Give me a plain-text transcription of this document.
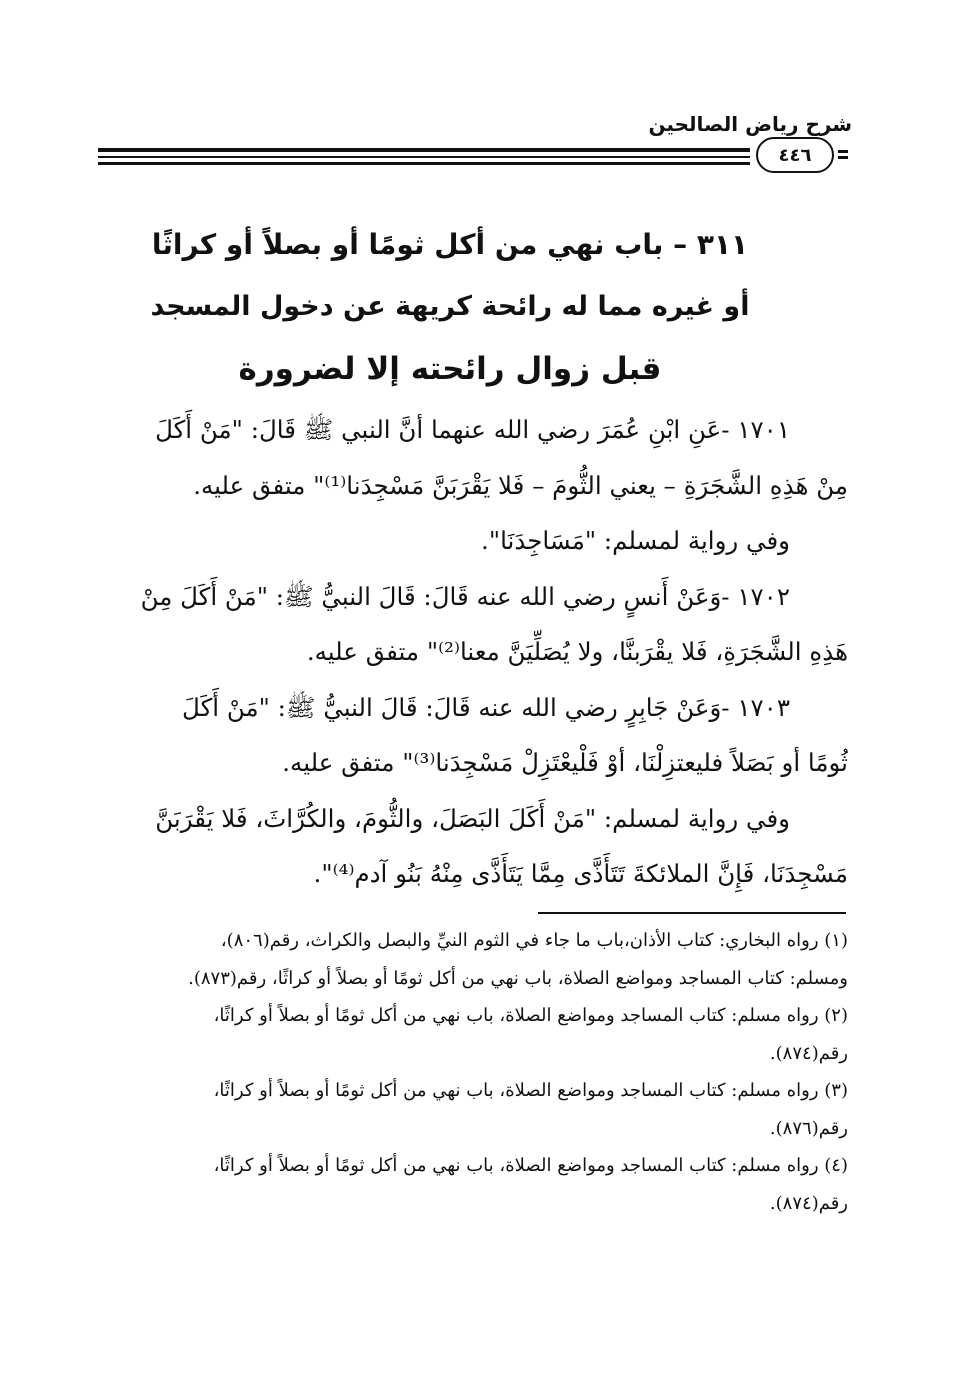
شرح رياض الصالحين
٤٤٦
٣١١ – باب نهي من أكل ثومًا أو بصلاً أو كراثًا
أو غيره مما له رائحة كريهة عن دخول المسجد
قبل زوال رائحته إلا لضرورة
١٧٠١ -عَنِ ابْنِ عُمَرَ رضي الله عنهما أنَّ النبي ﷺ قَالَ: "مَنْ أَكَلَ
مِنْ هَذِهِ الشَّجَرَةِ – يعني الثُّومَ – فَلا يَقْرَبَنَّ مَسْجِدَنا⁽¹⁾" متفق عليه.
وفي رواية لمسلم: "مَسَاجِدَنَا".
١٧٠٢ -وَعَنْ أَنسٍ رضي الله عنه قَالَ: قَالَ النبيُّ ﷺ: "مَنْ أَكَلَ مِنْ
هَذِهِ الشَّجَرَةِ، فَلا يقْرَبنَّا، ولا يُصَلِّيَنَّ معنا⁽²⁾" متفق عليه.
١٧٠٣ -وَعَنْ جَابِرٍ رضي الله عنه قَالَ: قَالَ النبيُّ ﷺ: "مَنْ أَكَلَ
ثُومًا أو بَصَلاً فليعتزِلْنَا، أوْ فَلْيعْتَزِلْ مَسْجِدَنا⁽³⁾" متفق عليه.
وفي رواية لمسلم: "مَنْ أَكَلَ البَصَلَ، والثُّومَ، والكُرَّاثَ، فَلا يَقْرَبَنَّ
مَسْجِدَنَا، فَإِنَّ الملائكةَ تَتَأَذَّى مِمَّا يَتَأَذَّى مِنْهُ بَنُو آدم⁽⁴⁾".
(١) رواه البخاري: كتاب الأذان،باب ما جاء في الثوم النيِّ والبصل والكراث، رقم(٨٠٦)،
ومسلم: كتاب المساجد ومواضع الصلاة، باب نهي من أكل ثومًا أو بصلاً أو كراثًا، رقم(٨٧٣).
(٢) رواه مسلم: كتاب المساجد ومواضع الصلاة، باب نهي من أكل ثومًا أو بصلاً أو كراثًا،
رقم(٨٧٤).
(٣) رواه مسلم: كتاب المساجد ومواضع الصلاة، باب نهي من أكل ثومًا أو بصلاً أو كراثًا،
رقم(٨٧٦).
(٤) رواه مسلم: كتاب المساجد ومواضع الصلاة، باب نهي من أكل ثومًا أو بصلاً أو كراثًا،
رقم(٨٧٤).
